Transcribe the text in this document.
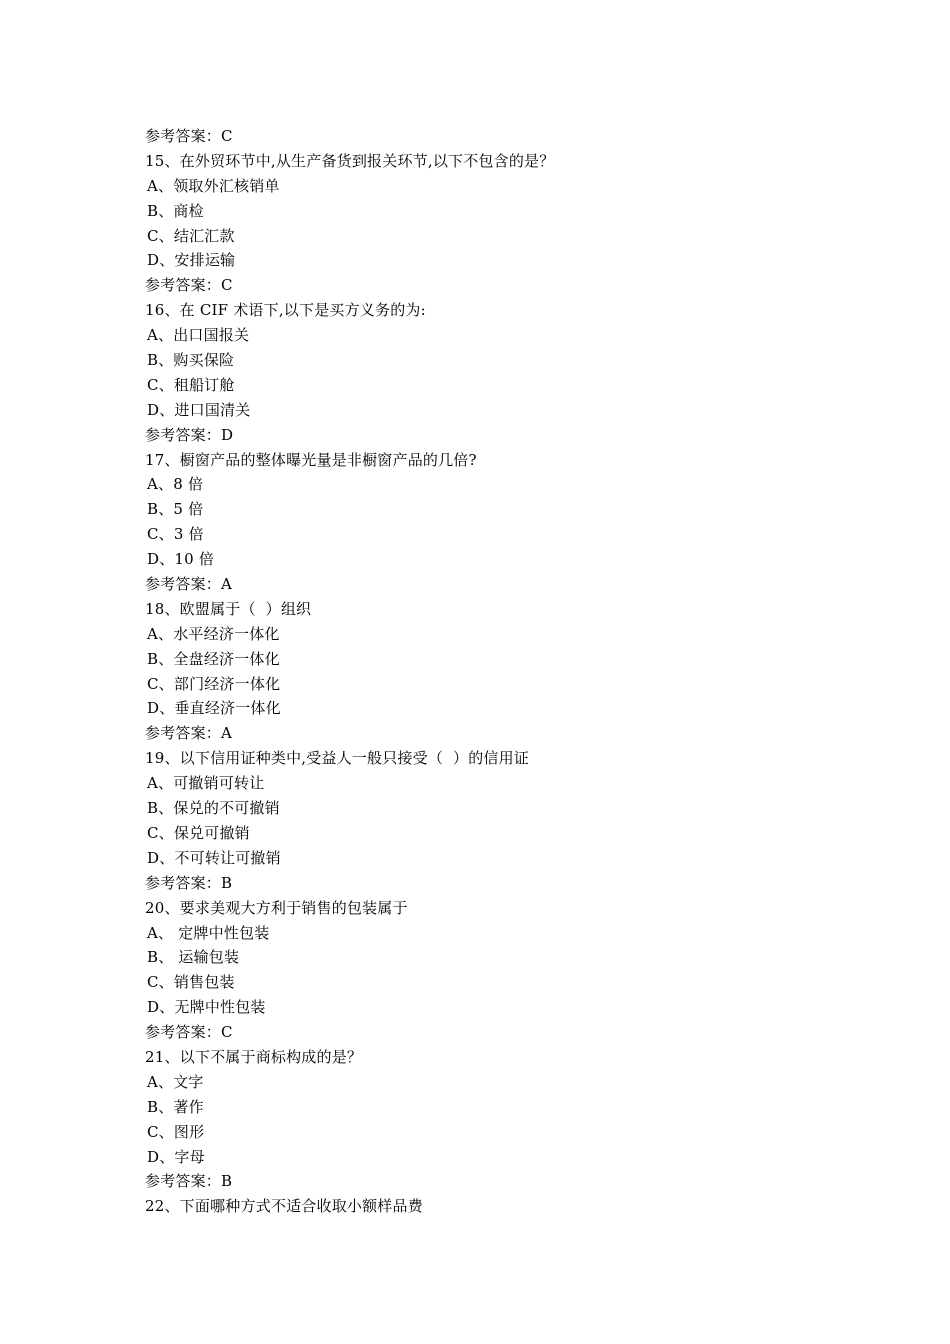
参考答案：C
15、在外贸环节中,从生产备货到报关环节,以下不包含的是？
A、领取外汇核销单
B、商检
C、结汇汇款
D、安排运输
参考答案：C
16、在 CIF 术语下,以下是买方义务的为:
A、出口国报关
B、购买保险
C、租船订舱
D、进口国清关
参考答案：D
17、橱窗产品的整体曝光量是非橱窗产品的几倍?
A、8 倍
B、5 倍
C、3 倍
D、10 倍
参考答案：A
18、欧盟属于（  ）组织
A、水平经济一体化
B、全盘经济一体化
C、部门经济一体化
D、垂直经济一体化
参考答案：A
19、以下信用证种类中,受益人一般只接受（  ）的信用证
A、可撤销可转让
B、保兑的不可撤销
C、保兑可撤销
D、不可转让可撤销
参考答案：B
20、要求美观大方利于销售的包装属于
A、 定牌中性包装
B、 运输包装
C、销售包装
D、无牌中性包装
参考答案：C
21、以下不属于商标构成的是？
A、文字
B、著作
C、图形
D、字母
参考答案：B
22、下面哪种方式不适合收取小额样品费
